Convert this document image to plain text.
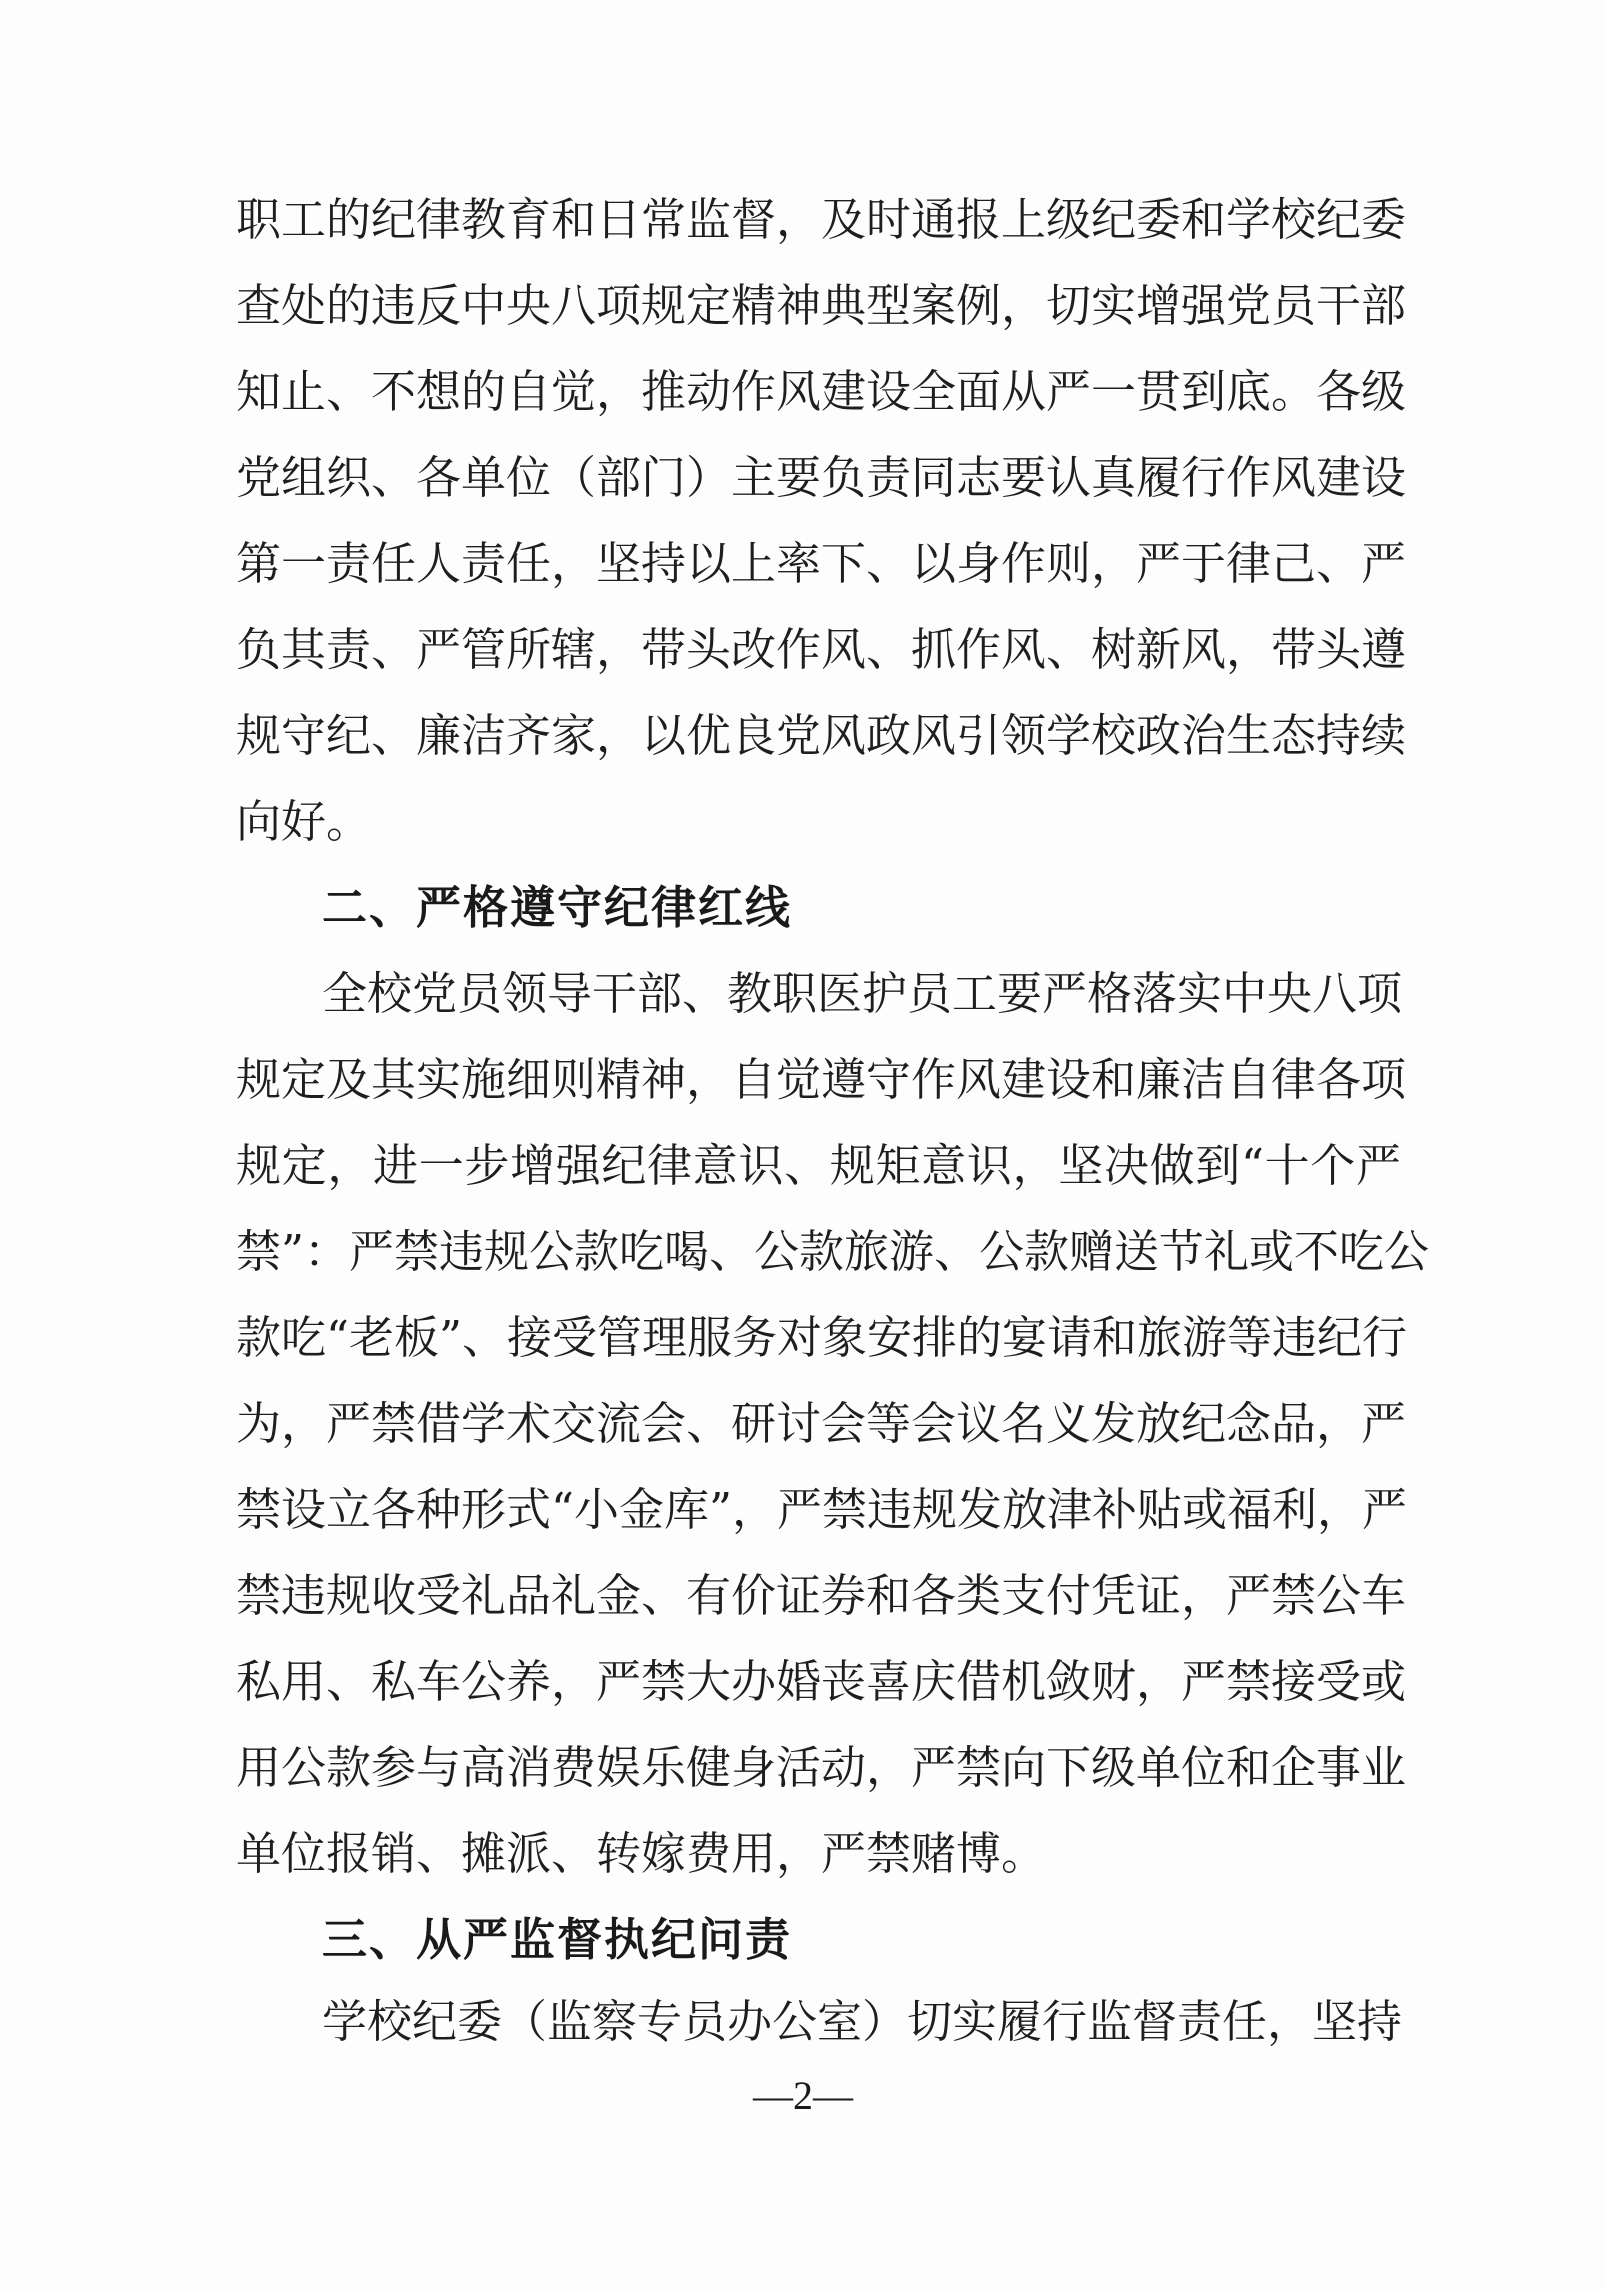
职工的纪律教育和日常监督，及时通报上级纪委和学校纪委
查处的违反中央八项规定精神典型案例，切实增强党员干部
知止、不想的自觉，推动作风建设全面从严一贯到底。各级
党组织、各单位（部门）主要负责同志要认真履行作风建设
第一责任人责任，坚持以上率下、以身作则，严于律己、严
负其责、严管所辖，带头改作风、抓作风、树新风，带头遵
规守纪、廉洁齐家，以优良党风政风引领学校政治生态持续
向好。
二、严格遵守纪律红线
全校党员领导干部、教职医护员工要严格落实中央八项
规定及其实施细则精神，自觉遵守作风建设和廉洁自律各项
规定，进一步增强纪律意识、规矩意识，坚决做到“十个严
禁”：严禁违规公款吃喝、公款旅游、公款赠送节礼或不吃公
款吃“老板”、接受管理服务对象安排的宴请和旅游等违纪行
为，严禁借学术交流会、研讨会等会议名义发放纪念品，严
禁设立各种形式“小金库”，严禁违规发放津补贴或福利，严
禁违规收受礼品礼金、有价证券和各类支付凭证，严禁公车
私用、私车公养，严禁大办婚丧喜庆借机敛财，严禁接受或
用公款参与高消费娱乐健身活动，严禁向下级单位和企事业
单位报销、摊派、转嫁费用，严禁赌博。
三、从严监督执纪问责
学校纪委（监察专员办公室）切实履行监督责任，坚持
—2—
